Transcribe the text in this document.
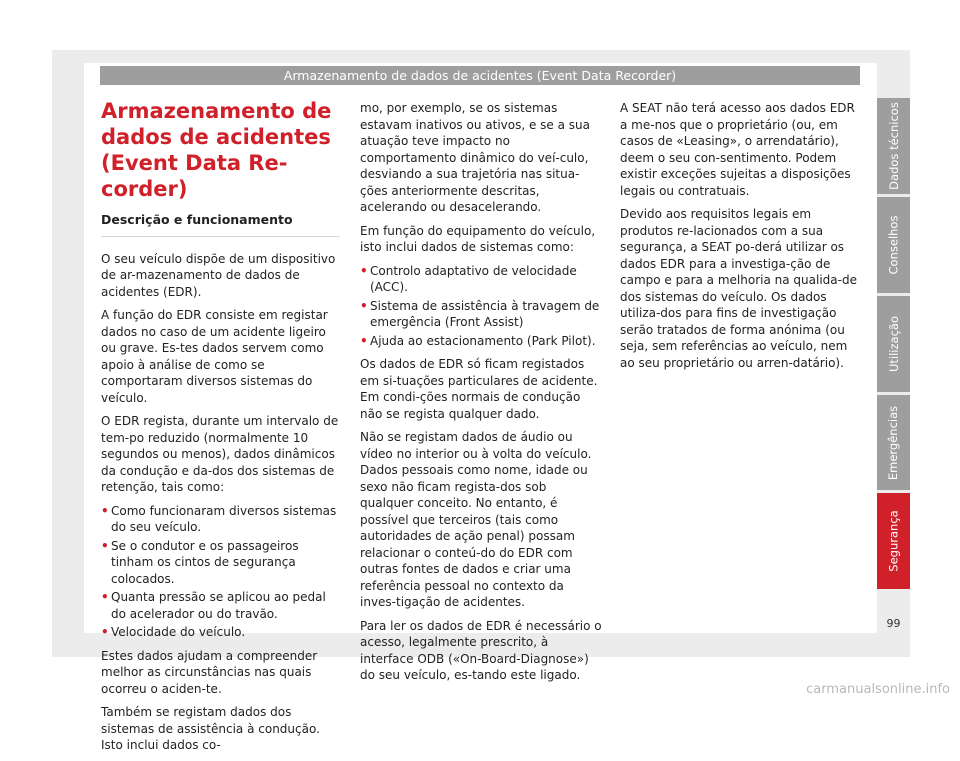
Armazenamento de dados de acidentes (Event Data Recorder)
Armazenamento de dados de acidentes (Event Data Re-corder)
Descrição e funcionamento

O seu veículo dispõe de um dispositivo de ar-mazenamento de dados de acidentes (EDR).

A função do EDR consiste em registar dados no caso de um acidente ligeiro ou grave. Es-tes dados servem como apoio à análise de como se comportaram diversos sistemas do veículo.

O EDR regista, durante um intervalo de tem-po reduzido (normalmente 10 segundos ou menos), dados dinâmicos da condução e da-dos dos sistemas de retenção, tais como:

• Como funcionaram diversos sistemas do seu veículo.
• Se o condutor e os passageiros tinham os cintos de segurança colocados.
• Quanta pressão se aplicou ao pedal do acelerador ou do travão.
• Velocidade do veículo.

Estes dados ajudam a compreender melhor as circunstâncias nas quais ocorreu o aciden-te.

Também se registam dados dos sistemas de assistência à condução. Isto inclui dados co-

mo, por exemplo, se os sistemas estavam inativos ou ativos, e se a sua atuação teve impacto no comportamento dinâmico do veí-culo, desviando a sua trajetória nas situa-ções anteriormente descritas, acelerando ou desacelerando.

Em função do equipamento do veículo, isto inclui dados de sistemas como:

• Controlo adaptativo de velocidade (ACC).
• Sistema de assistência à travagem de emergência (Front Assist)
• Ajuda ao estacionamento (Park Pilot).

Os dados de EDR só ficam registados em si-tuações particulares de acidente. Em condi-ções normais de condução não se regista qualquer dado.

Não se registam dados de áudio ou vídeo no interior ou à volta do veículo. Dados pessoais como nome, idade ou sexo não ficam regista-dos sob qualquer conceito. No entanto, é possível que terceiros (tais como autoridades de ação penal) possam relacionar o conteú-do do EDR com outras fontes de dados e criar uma referência pessoal no contexto da inves-tigação de acidentes.

Para ler os dados de EDR é necessário o acesso, legalmente prescrito, à interface ODB («On-Board-Diagnose») do seu veículo, es-tando este ligado.

A SEAT não terá acesso aos dados EDR a me-nos que o proprietário (ou, em casos de «Leasing», o arrendatário), deem o seu con-sentimento. Podem existir exceções sujeitas a disposições legais ou contratuais.

Devido aos requisitos legais em produtos re-lacionados com a sua segurança, a SEAT po-derá utilizar os dados EDR para a investiga-ção de campo e para a melhoria na qualida-de dos sistemas do veículo. Os dados utiliza-dos para fins de investigação serão tratados de forma anónima (ou seja, sem referências ao veículo, nem ao seu proprietário ou arren-datário).

Dados técnicos
Conselhos
Utilização
Emergências
Segurança
99
carmanualsonline.info
